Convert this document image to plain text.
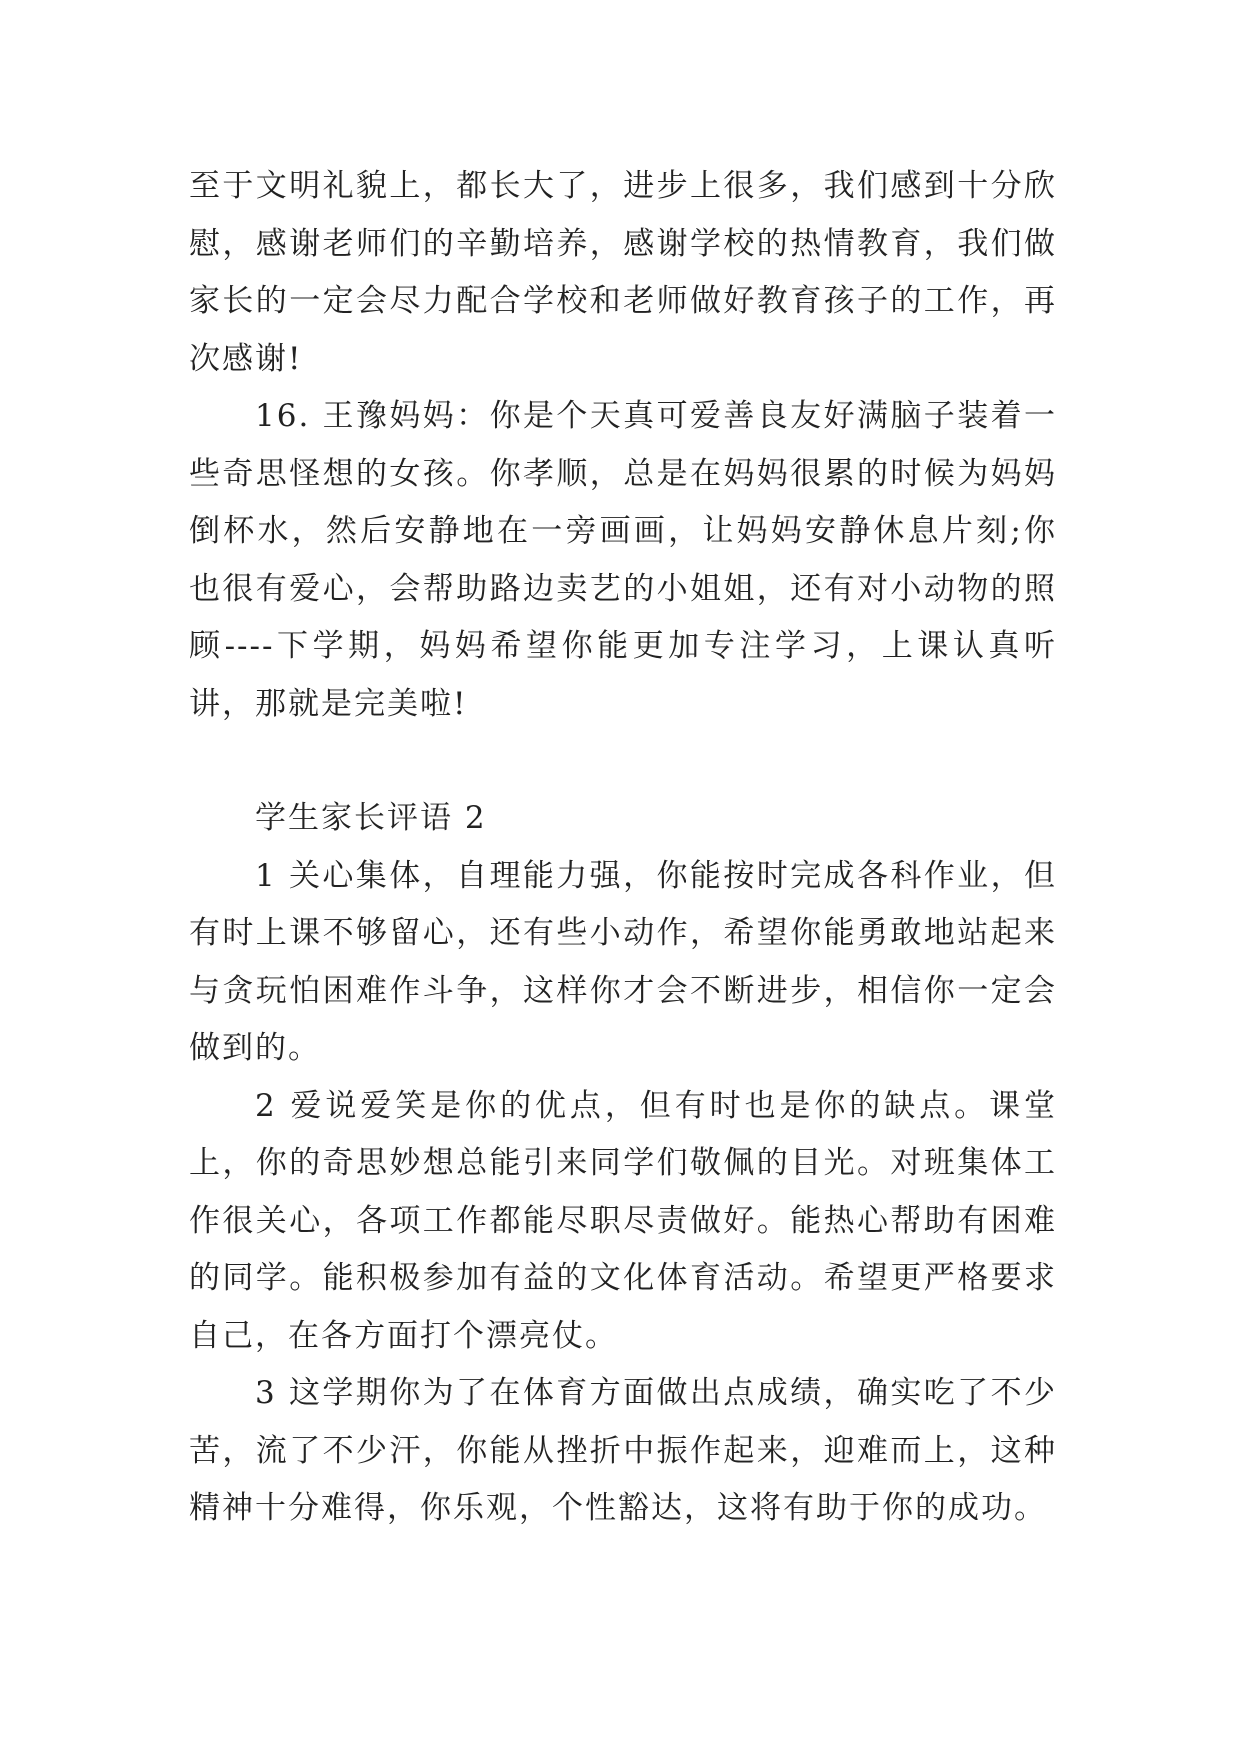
至于文明礼貌上，都长大了，进步上很多，我们感到十分欣慰，感谢老师们的辛勤培养，感谢学校的热情教育，我们做家长的一定会尽力配合学校和老师做好教育孩子的工作，再次感谢!

16. 王豫妈妈：你是个天真可爱善良友好满脑子装着一些奇思怪想的女孩。你孝顺，总是在妈妈很累的时候为妈妈倒杯水，然后安静地在一旁画画，让妈妈安静休息片刻;你也很有爱心，会帮助路边卖艺的小姐姐，还有对小动物的照顾----下学期，妈妈希望你能更加专注学习，上课认真听讲，那就是完美啦!

学生家长评语 2

1 关心集体，自理能力强，你能按时完成各科作业，但有时上课不够留心，还有些小动作，希望你能勇敢地站起来与贪玩怕困难作斗争，这样你才会不断进步，相信你一定会做到的。

2 爱说爱笑是你的优点，但有时也是你的缺点。课堂上，你的奇思妙想总能引来同学们敬佩的目光。对班集体工作很关心，各项工作都能尽职尽责做好。能热心帮助有困难的同学。能积极参加有益的文化体育活动。希望更严格要求自己，在各方面打个漂亮仗。

3 这学期你为了在体育方面做出点成绩，确实吃了不少苦，流了不少汗，你能从挫折中振作起来，迎难而上，这种精神十分难得，你乐观，个性豁达，这将有助于你的成功。
